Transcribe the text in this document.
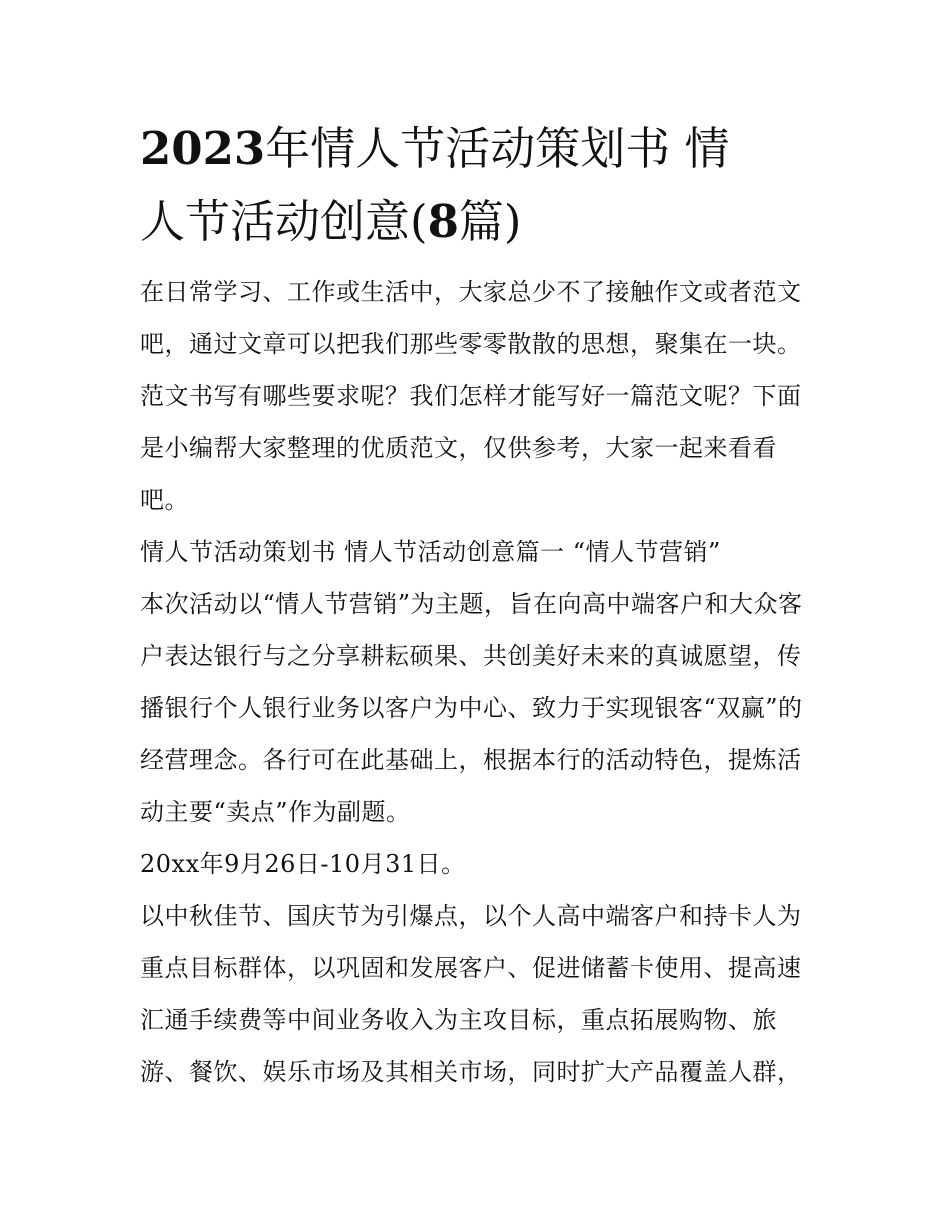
2023年情人节活动策划书 情
人节活动创意(8篇)

在日常学习、工作或生活中，大家总少不了接触作文或者范文吧，通过文章可以把我们那些零零散散的思想，聚集在一块。范文书写有哪些要求呢？我们怎样才能写好一篇范文呢？下面是小编帮大家整理的优质范文，仅供参考，大家一起来看看吧。

情人节活动策划书 情人节活动创意篇一 “情人节营销”

本次活动以“情人节营销”为主题，旨在向高中端客户和大众客户表达银行与之分享耕耘硕果、共创美好未来的真诚愿望，传播银行个人银行业务以客户为中心、致力于实现银客“双赢”的经营理念。各行可在此基础上，根据本行的活动特色，提炼活动主要“卖点”作为副题。

20xx年9月26日-10月31日。

以中秋佳节、国庆节为引爆点，以个人高中端客户和持卡人为重点目标群体，以巩固和发展客户、促进储蓄卡使用、提高速汇通手续费等中间业务收入为主攻目标，重点拓展购物、旅游、餐饮、娱乐市场及其相关市场，同时扩大产品覆盖人群，
